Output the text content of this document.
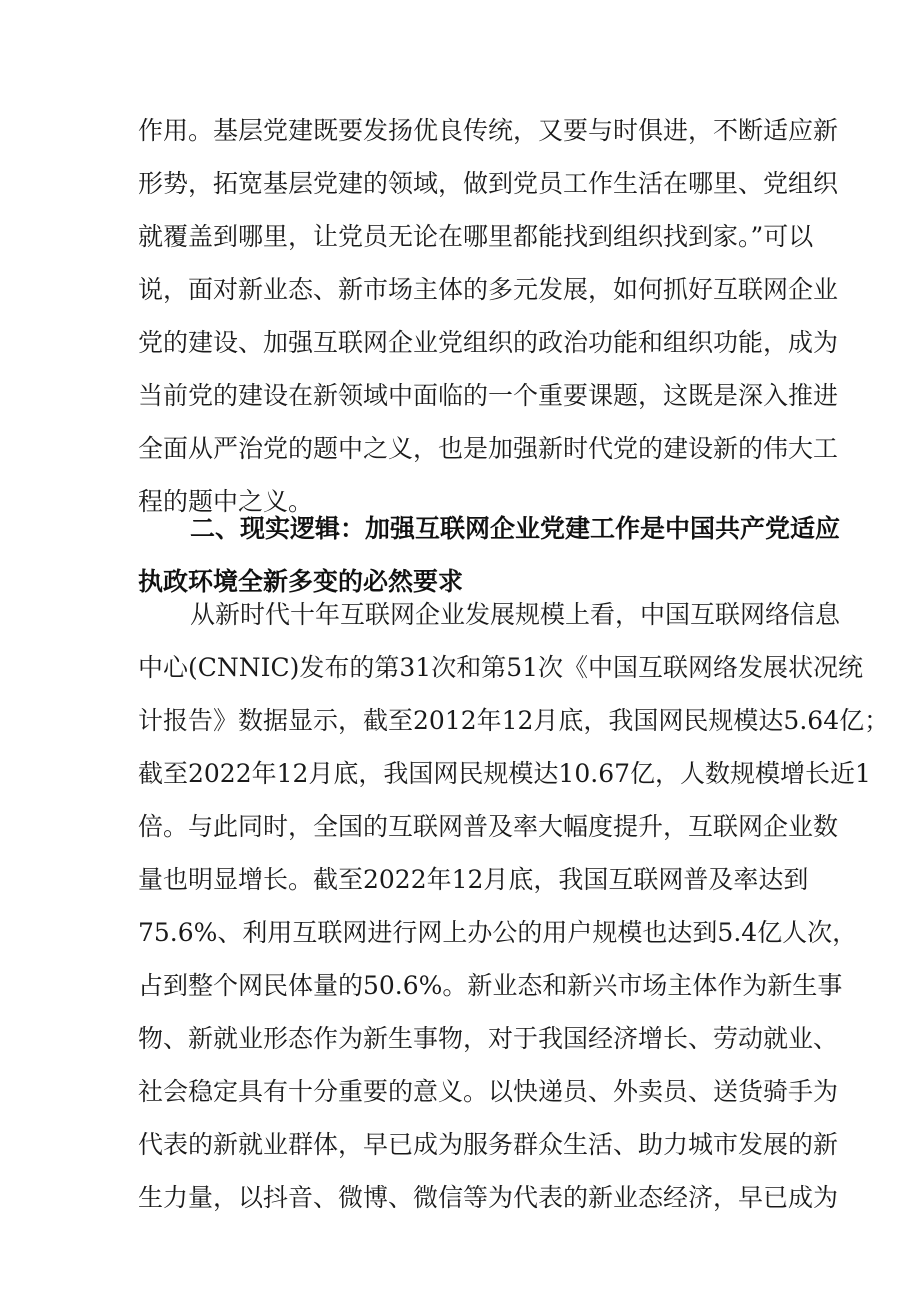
作用。基层党建既要发扬优良传统，又要与时俱进，不断适应新
形势，拓宽基层党建的领域，做到党员工作生活在哪里、党组织
就覆盖到哪里，让党员无论在哪里都能找到组织找到家。”可以
说，面对新业态、新市场主体的多元发展，如何抓好互联网企业
党的建设、加强互联网企业党组织的政治功能和组织功能，成为
当前党的建设在新领域中面临的一个重要课题，这既是深入推进
全面从严治党的题中之义，也是加强新时代党的建设新的伟大工
程的题中之义。
二、现实逻辑：加强互联网企业党建工作是中国共产党适应
执政环境全新多变的必然要求
从新时代十年互联网企业发展规模上看，中国互联网络信息
中心(CNNIC)发布的第31次和第51次《中国互联网络发展状况统
计报告》数据显示，截至2012年12月底，我国网民规模达5.64亿；
截至2022年12月底，我国网民规模达10.67亿，人数规模增长近1
倍。与此同时，全国的互联网普及率大幅度提升，互联网企业数
量也明显增长。截至2022年12月底，我国互联网普及率达到
75.6%、利用互联网进行网上办公的用户规模也达到5.4亿人次，
占到整个网民体量的50.6%。新业态和新兴市场主体作为新生事
物、新就业形态作为新生事物，对于我国经济增长、劳动就业、
社会稳定具有十分重要的意义。以快递员、外卖员、送货骑手为
代表的新就业群体，早已成为服务群众生活、助力城市发展的新
生力量，以抖音、微博、微信等为代表的新业态经济，早已成为
